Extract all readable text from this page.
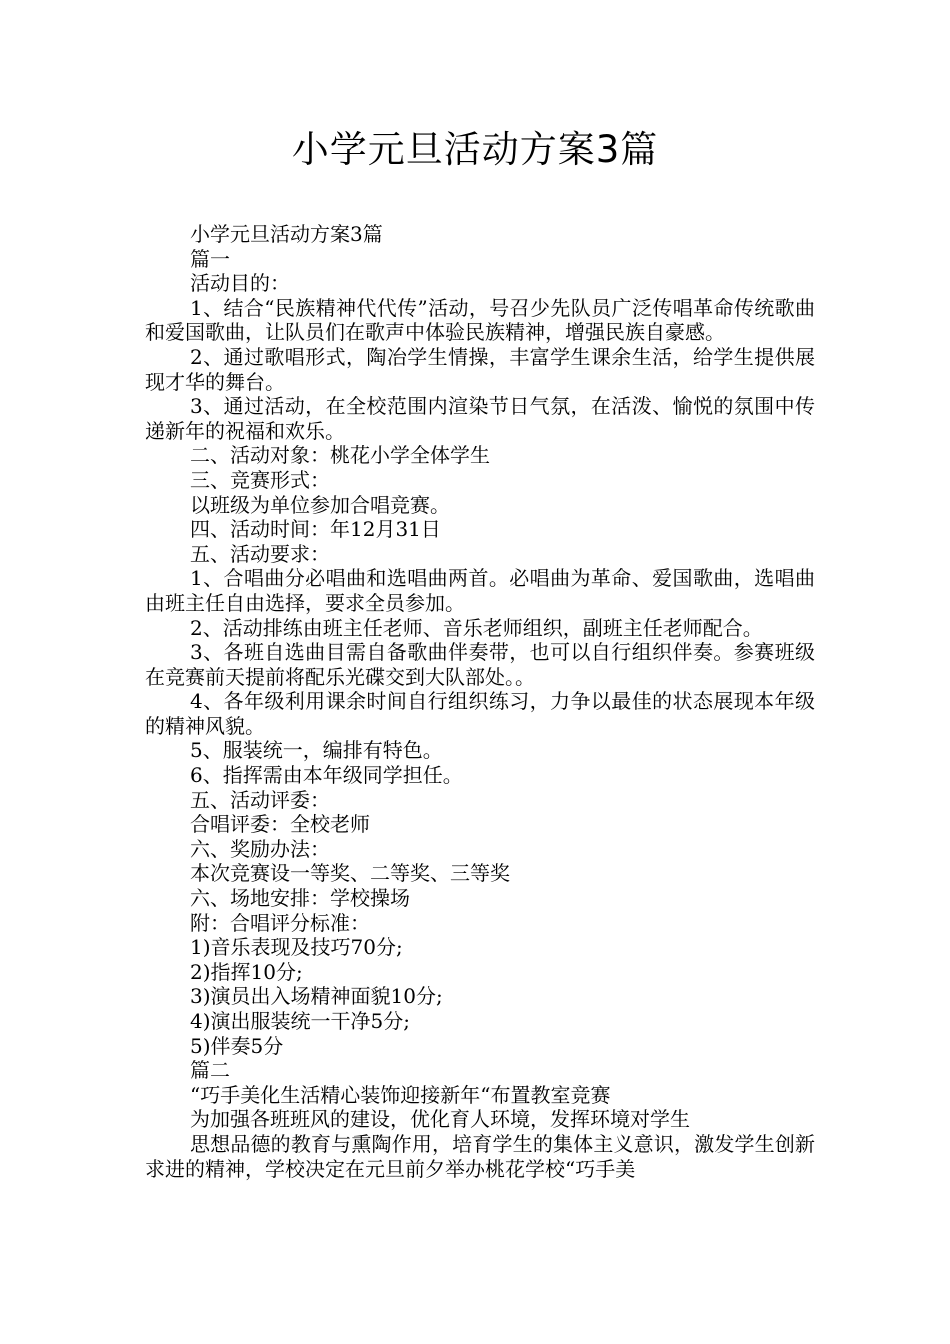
小学元旦活动方案3篇

小学元旦活动方案3篇

篇一

活动目的：

1、结合“民族精神代代传”活动，号召少先队员广泛传唱革命传统歌曲和爱国歌曲，让队员们在歌声中体验民族精神，增强民族自豪感。

2、通过歌唱形式，陶冶学生情操，丰富学生课余生活，给学生提供展现才华的舞台。

3、通过活动，在全校范围内渲染节日气氛，在活泼、愉悦的氛围中传递新年的祝福和欢乐。

二、活动对象：桃花小学全体学生

三、竞赛形式：

以班级为单位参加合唱竞赛。

四、活动时间：年12月31日

五、活动要求：

1、合唱曲分必唱曲和选唱曲两首。必唱曲为革命、爱国歌曲，选唱曲由班主任自由选择，要求全员参加。

2、活动排练由班主任老师、音乐老师组织，副班主任老师配合。

3、各班自选曲目需自备歌曲伴奏带，也可以自行组织伴奏。参赛班级在竞赛前天提前将配乐光碟交到大队部处。。

4、各年级利用课余时间自行组织练习，力争以最佳的状态展现本年级的精神风貌。

5、服装统一，编排有特色。

6、指挥需由本年级同学担任。

五、活动评委：

合唱评委：全校老师

六、奖励办法：

本次竞赛设一等奖、二等奖、三等奖

六、场地安排：学校操场

附：合唱评分标准：

1)音乐表现及技巧70分;

2)指挥10分;

3)演员出入场精神面貌10分;

4)演出服装统一干净5分;

5)伴奏5分

篇二

“巧手美化生活精心装饰迎接新年“布置教室竞赛

为加强各班班风的建设，优化育人环境，发挥环境对学生

思想品德的教育与熏陶作用，培育学生的集体主义意识，激发学生创新求进的精神，学校决定在元旦前夕举办桃花学校“巧手美
